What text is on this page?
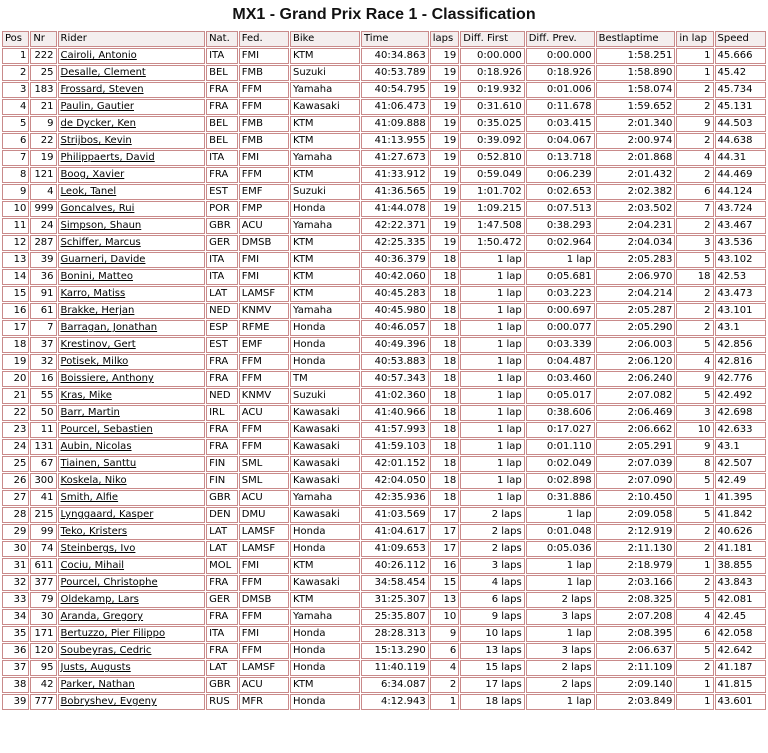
MX1 - Grand Prix Race 1 - Classification
Pos	Nr	Rider	Nat.	Fed.	Bike	Time	laps	Diff. First	Diff. Prev.	Bestlaptime	in lap	Speed
1	222	Cairoli, Antonio	ITA	FMI	KTM	40:34.863	19	0:00.000	0:00.000	1:58.251	1	45.666
2	25	Desalle, Clement	BEL	FMB	Suzuki	40:53.789	19	0:18.926	0:18.926	1:58.890	1	45.42
3	183	Frossard, Steven	FRA	FFM	Yamaha	40:54.795	19	0:19.932	0:01.006	1:58.074	2	45.734
4	21	Paulin, Gautier	FRA	FFM	Kawasaki	41:06.473	19	0:31.610	0:11.678	1:59.652	2	45.131
5	9	de Dycker, Ken	BEL	FMB	KTM	41:09.888	19	0:35.025	0:03.415	2:01.340	9	44.503
6	22	Strijbos, Kevin	BEL	FMB	KTM	41:13.955	19	0:39.092	0:04.067	2:00.974	2	44.638
7	19	Philippaerts, David	ITA	FMI	Yamaha	41:27.673	19	0:52.810	0:13.718	2:01.868	4	44.31
8	121	Boog, Xavier	FRA	FFM	KTM	41:33.912	19	0:59.049	0:06.239	2:01.432	2	44.469
9	4	Leok, Tanel	EST	EMF	Suzuki	41:36.565	19	1:01.702	0:02.653	2:02.382	6	44.124
10	999	Goncalves, Rui	POR	FMP	Honda	41:44.078	19	1:09.215	0:07.513	2:03.502	7	43.724
11	24	Simpson, Shaun	GBR	ACU	Yamaha	42:22.371	19	1:47.508	0:38.293	2:04.231	2	43.467
12	287	Schiffer, Marcus	GER	DMSB	KTM	42:25.335	19	1:50.472	0:02.964	2:04.034	3	43.536
13	39	Guarneri, Davide	ITA	FMI	KTM	40:36.379	18	1 lap	1 lap	2:05.283	5	43.102
14	36	Bonini, Matteo	ITA	FMI	KTM	40:42.060	18	1 lap	0:05.681	2:06.970	18	42.53
15	91	Karro, Matiss	LAT	LAMSF	KTM	40:45.283	18	1 lap	0:03.223	2:04.214	2	43.473
16	61	Brakke, Herjan	NED	KNMV	Yamaha	40:45.980	18	1 lap	0:00.697	2:05.287	2	43.101
17	7	Barragan, Jonathan	ESP	RFME	Honda	40:46.057	18	1 lap	0:00.077	2:05.290	2	43.1
18	37	Krestinov, Gert	EST	EMF	Honda	40:49.396	18	1 lap	0:03.339	2:06.003	5	42.856
19	32	Potisek, Milko	FRA	FFM	Honda	40:53.883	18	1 lap	0:04.487	2:06.120	4	42.816
20	16	Boissiere, Anthony	FRA	FFM	TM	40:57.343	18	1 lap	0:03.460	2:06.240	9	42.776
21	55	Kras, Mike	NED	KNMV	Suzuki	41:02.360	18	1 lap	0:05.017	2:07.082	5	42.492
22	50	Barr, Martin	IRL	ACU	Kawasaki	41:40.966	18	1 lap	0:38.606	2:06.469	3	42.698
23	11	Pourcel, Sebastien	FRA	FFM	Kawasaki	41:57.993	18	1 lap	0:17.027	2:06.662	10	42.633
24	131	Aubin, Nicolas	FRA	FFM	Kawasaki	41:59.103	18	1 lap	0:01.110	2:05.291	9	43.1
25	67	Tiainen, Santtu	FIN	SML	Kawasaki	42:01.152	18	1 lap	0:02.049	2:07.039	8	42.507
26	300	Koskela, Niko	FIN	SML	Kawasaki	42:04.050	18	1 lap	0:02.898	2:07.090	5	42.49
27	41	Smith, Alfie	GBR	ACU	Yamaha	42:35.936	18	1 lap	0:31.886	2:10.450	1	41.395
28	215	Lynggaard, Kasper	DEN	DMU	Kawasaki	41:03.569	17	2 laps	1 lap	2:09.058	5	41.842
29	99	Teko, Kristers	LAT	LAMSF	Honda	41:04.617	17	2 laps	0:01.048	2:12.919	2	40.626
30	74	Steinbergs, Ivo	LAT	LAMSF	Honda	41:09.653	17	2 laps	0:05.036	2:11.130	2	41.181
31	611	Cociu, Mihail	MOL	FMI	KTM	40:26.112	16	3 laps	1 lap	2:18.979	1	38.855
32	377	Pourcel, Christophe	FRA	FFM	Kawasaki	34:58.454	15	4 laps	1 lap	2:03.166	2	43.843
33	79	Oldekamp, Lars	GER	DMSB	KTM	31:25.307	13	6 laps	2 laps	2:08.325	5	42.081
34	30	Aranda, Gregory	FRA	FFM	Yamaha	25:35.807	10	9 laps	3 laps	2:07.208	4	42.45
35	171	Bertuzzo, Pier Filippo	ITA	FMI	Honda	28:28.313	9	10 laps	1 lap	2:08.395	6	42.058
36	120	Soubeyras, Cedric	FRA	FFM	Honda	15:13.290	6	13 laps	3 laps	2:06.637	5	42.642
37	95	Justs, Augusts	LAT	LAMSF	Honda	11:40.119	4	15 laps	2 laps	2:11.109	2	41.187
38	42	Parker, Nathan	GBR	ACU	KTM	6:34.087	2	17 laps	2 laps	2:09.140	1	41.815
39	777	Bobryshev, Evgeny	RUS	MFR	Honda	4:12.943	1	18 laps	1 lap	2:03.849	1	43.601
